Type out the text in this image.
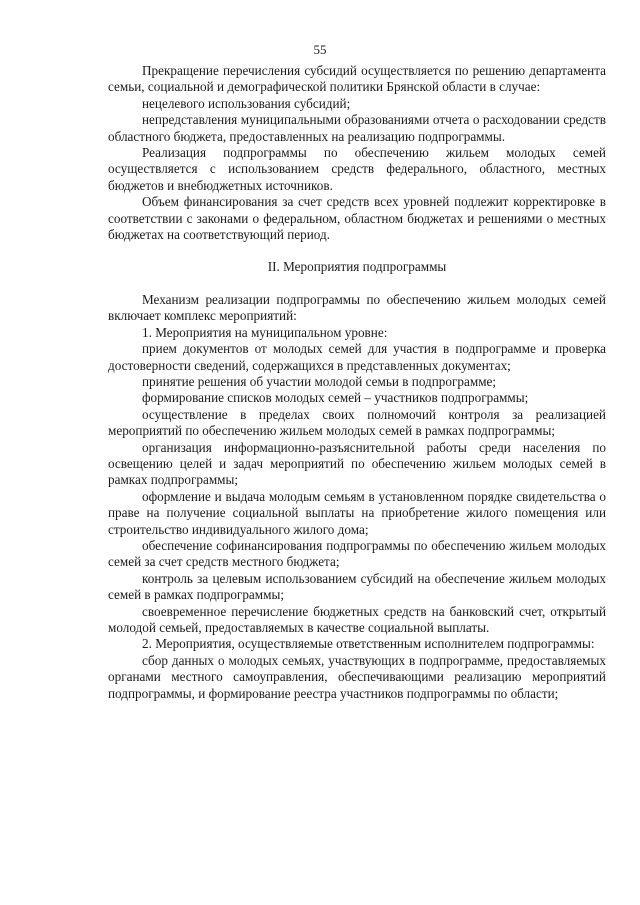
55

Прекращение перечисления субсидий осуществляется по решению департамента семьи, социальной и демографической политики Брянской области в случае:

нецелевого использования субсидий;

непредставления муниципальными образованиями отчета о расходовании средств областного бюджета, предоставленных на реализацию подпрограммы.

Реализация подпрограммы по обеспечению жильем молодых семей осуществляется с использованием средств федерального, областного, местных бюджетов и внебюджетных источников.

Объем финансирования за счет средств всех уровней подлежит корректировке в соответствии с законами о федеральном, областном бюджетах и решениями о местных бюджетах на соответствующий период.

II. Мероприятия подпрограммы

Механизм реализации подпрограммы по обеспечению жильем молодых семей включает комплекс мероприятий:

1. Мероприятия на муниципальном уровне:

прием документов от молодых семей для участия в подпрограмме и проверка достоверности сведений, содержащихся в представленных документах;

принятие решения об участии молодой семьи в подпрограмме;

формирование списков молодых семей – участников подпрограммы;

осуществление в пределах своих полномочий контроля за реализацией мероприятий по обеспечению жильем молодых семей в рамках подпрограммы;

организация информационно-разъяснительной работы среди населения по освещению целей и задач мероприятий по обеспечению жильем молодых семей в рамках подпрограммы;

оформление и выдача молодым семьям в установленном порядке свидетельства о праве на получение социальной выплаты на приобретение жилого помещения или строительство индивидуального жилого дома;

обеспечение софинансирования подпрограммы по обеспечению жильем молодых семей за счет средств местного бюджета;

контроль за целевым использованием субсидий на обеспечение жильем молодых семей в рамках подпрограммы;

своевременное перечисление бюджетных средств на банковский счет, открытый молодой семьей, предоставляемых в качестве социальной выплаты.

2. Мероприятия, осуществляемые ответственным исполнителем подпрограммы:

сбор данных о молодых семьях, участвующих в подпрограмме, предоставляемых органами местного самоуправления, обеспечивающими реализацию мероприятий подпрограммы, и формирование реестра участников подпрограммы по области;
